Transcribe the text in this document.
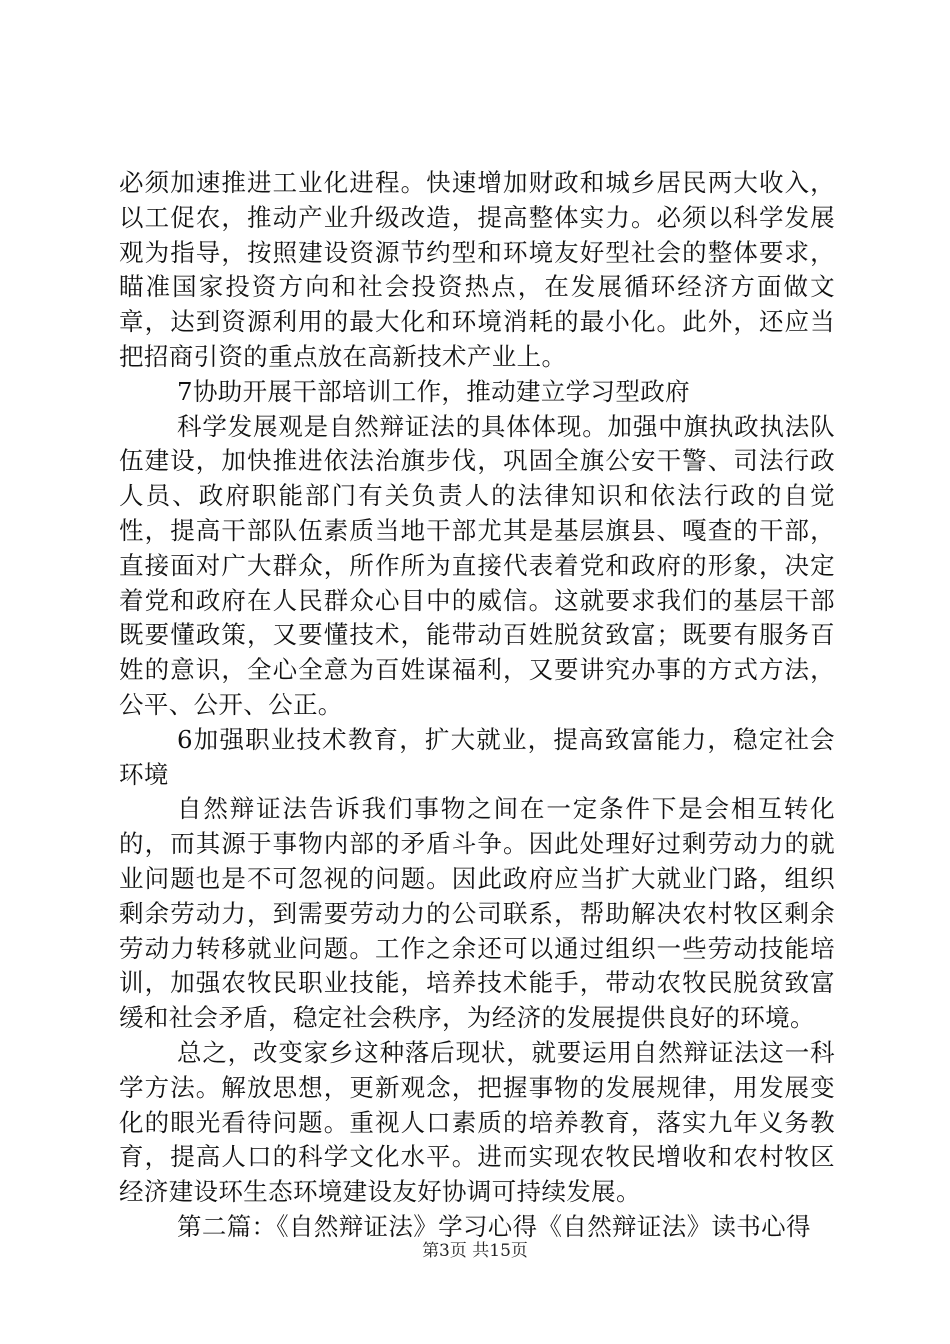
必须加速推进工业化进程。快速增加财政和城乡居民两大收入，以工促农，推动产业升级改造，提高整体实力。必须以科学发展观为指导，按照建设资源节约型和环境友好型社会的整体要求，瞄准国家投资方向和社会投资热点，在发展循环经济方面做文章，达到资源利用的最大化和环境消耗的最小化。此外，还应当把招商引资的重点放在高新技术产业上。

7协助开展干部培训工作，推动建立学习型政府

科学发展观是自然辩证法的具体体现。加强中旗执政执法队伍建设，加快推进依法治旗步伐，巩固全旗公安干警、司法行政人员、政府职能部门有关负责人的法律知识和依法行政的自觉性，提高干部队伍素质当地干部尤其是基层旗县、嘎查的干部，直接面对广大群众，所作所为直接代表着党和政府的形象，决定着党和政府在人民群众心目中的威信。这就要求我们的基层干部既要懂政策，又要懂技术，能带动百姓脱贫致富；既要有服务百姓的意识，全心全意为百姓谋福利，又要讲究办事的方式方法，公平、公开、公正。

6加强职业技术教育，扩大就业，提高致富能力，稳定社会环境

自然辩证法告诉我们事物之间在一定条件下是会相互转化的，而其源于事物内部的矛盾斗争。因此处理好过剩劳动力的就业问题也是不可忽视的问题。因此政府应当扩大就业门路，组织剩余劳动力，到需要劳动力的公司联系，帮助解决农村牧区剩余劳动力转移就业问题。工作之余还可以通过组织一些劳动技能培训，加强农牧民职业技能，培养技术能手，带动农牧民脱贫致富缓和社会矛盾，稳定社会秩序，为经济的发展提供良好的环境。

总之，改变家乡这种落后现状，就要运用自然辩证法这一科学方法。解放思想，更新观念，把握事物的发展规律，用发展变化的眼光看待问题。重视人口素质的培养教育，落实九年义务教育，提高人口的科学文化水平。进而实现农牧民增收和农村牧区经济建设环生态环境建设友好协调可持续发展。

第二篇：《自然辩证法》学习心得《自然辩证法》读书心得

第3页 共15页
